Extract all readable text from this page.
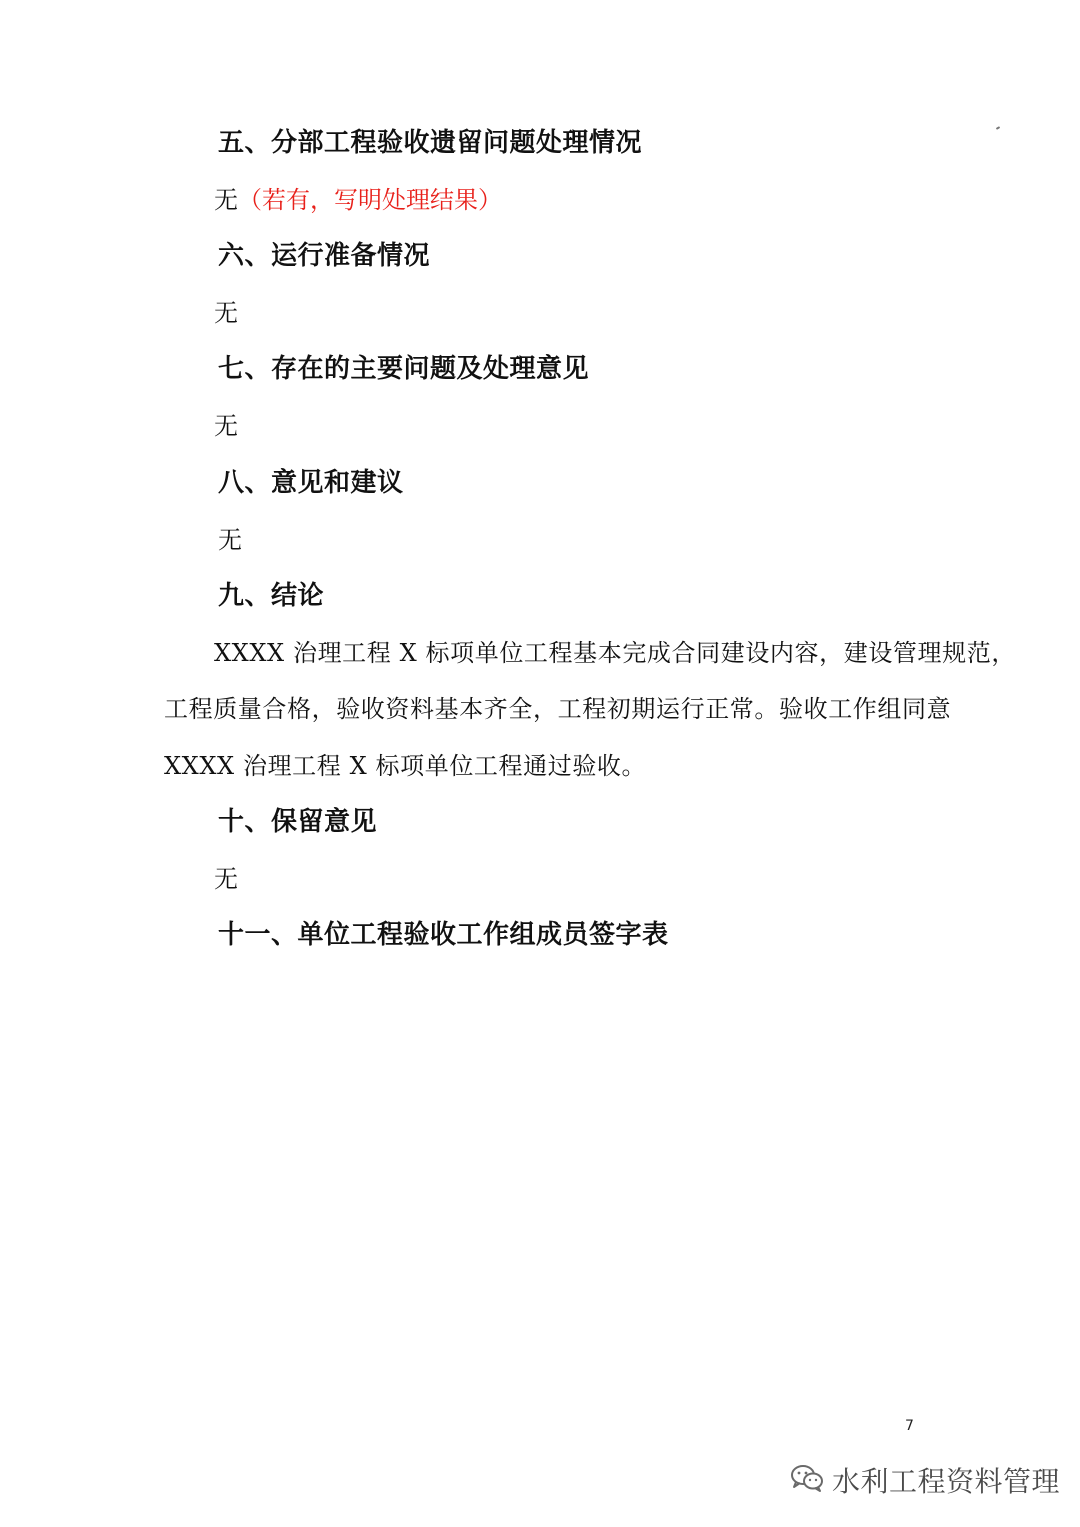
五、分部工程验收遗留问题处理情况
无（若有，写明处理结果）
六、运行准备情况
无
七、存在的主要问题及处理意见
无
八、意见和建议
无
九、结论
XXXX 治理工程 X 标项单位工程基本完成合同建设内容，建设管理规范，
工程质量合格，验收资料基本齐全，工程初期运行正常。验收工作组同意
XXXX 治理工程 X 标项单位工程通过验收。
十、保留意见
无
十一、单位工程验收工作组成员签字表
7
水利工程资料管理
